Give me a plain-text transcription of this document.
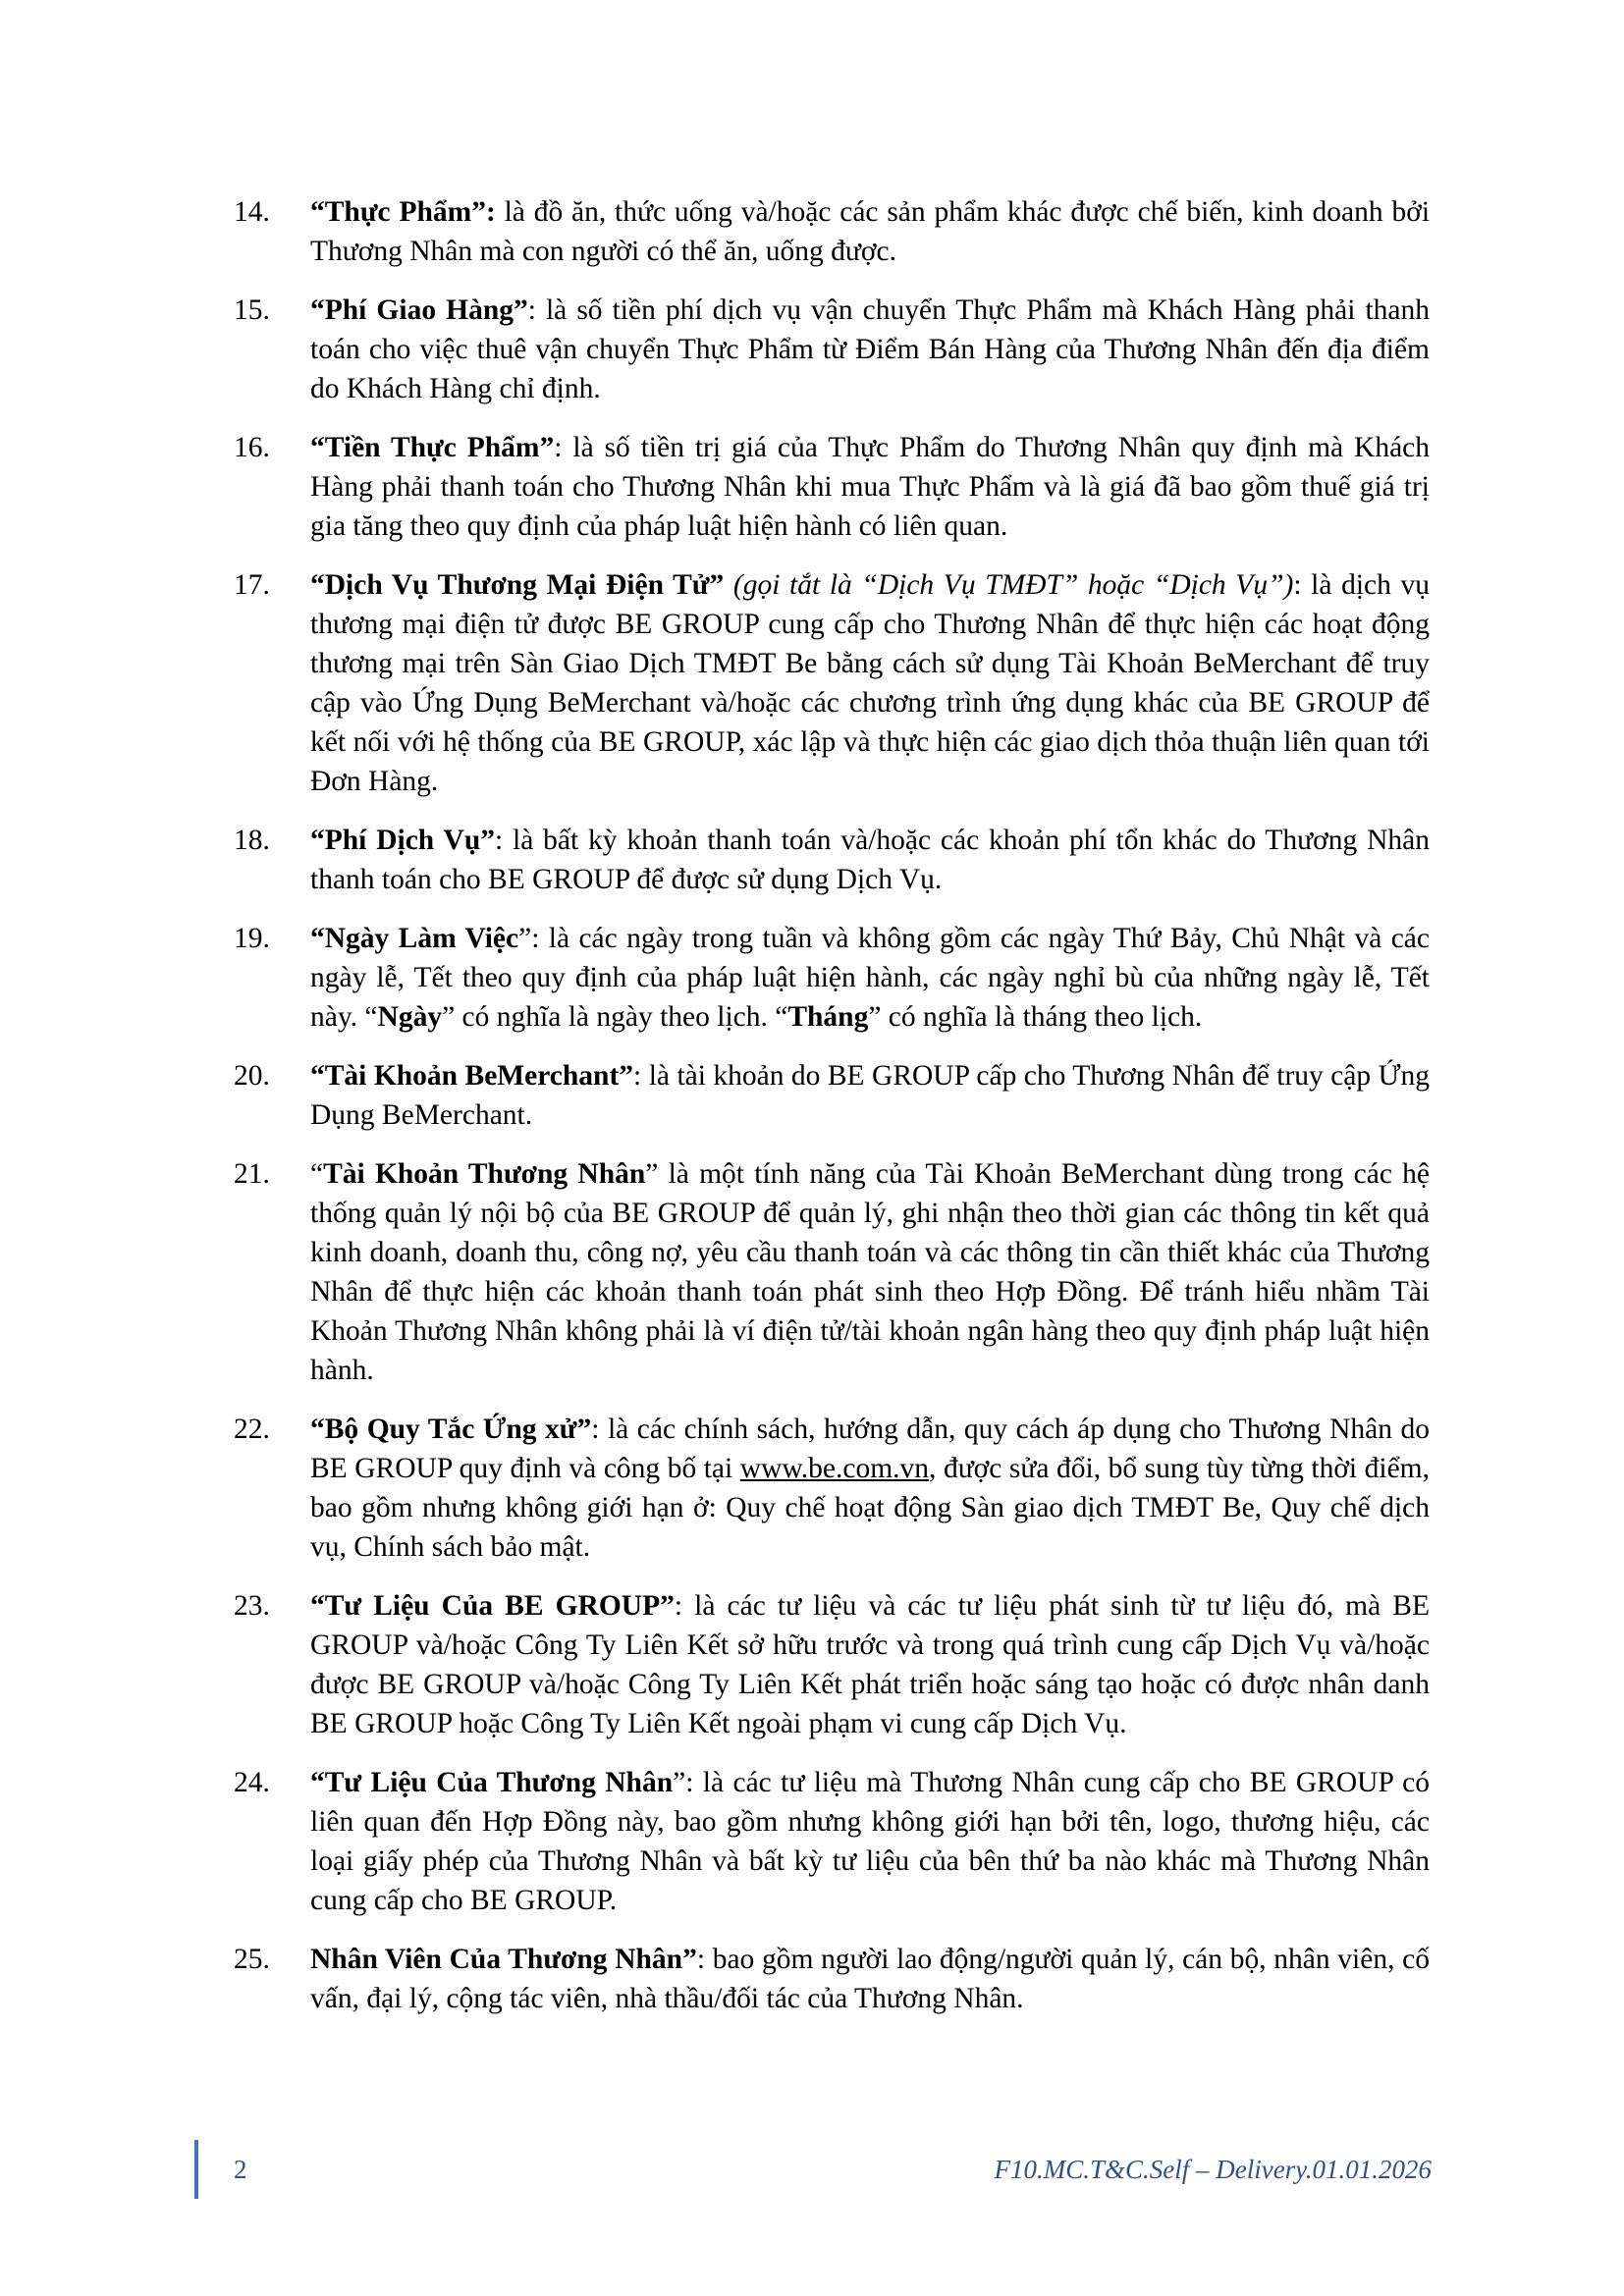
14.	“Thực Phẩm”: là đồ ăn, thức uống và/hoặc các sản phẩm khác được chế biến, kinh doanh bởi Thương Nhân mà con người có thể ăn, uống được.
15.	“Phí Giao Hàng”: là số tiền phí dịch vụ vận chuyển Thực Phẩm mà Khách Hàng phải thanh toán cho việc thuê vận chuyển Thực Phẩm từ Điểm Bán Hàng của Thương Nhân đến địa điểm do Khách Hàng chỉ định.
16.	“Tiền Thực Phẩm”: là số tiền trị giá của Thực Phẩm do Thương Nhân quy định mà Khách Hàng phải thanh toán cho Thương Nhân khi mua Thực Phẩm và là giá đã bao gồm thuế giá trị gia tăng theo quy định của pháp luật hiện hành có liên quan.
17.	“Dịch Vụ Thương Mại Điện Tử” (gọi tắt là “Dịch Vụ TMĐT” hoặc “Dịch Vụ”): là dịch vụ thương mại điện tử được BE GROUP cung cấp cho Thương Nhân để thực hiện các hoạt động thương mại trên Sàn Giao Dịch TMĐT Be bằng cách sử dụng Tài Khoản BeMerchant để truy cập vào Ứng Dụng BeMerchant và/hoặc các chương trình ứng dụng khác của BE GROUP để kết nối với hệ thống của BE GROUP, xác lập và thực hiện các giao dịch thỏa thuận liên quan tới Đơn Hàng.
18.	“Phí Dịch Vụ”: là bất kỳ khoản thanh toán và/hoặc các khoản phí tổn khác do Thương Nhân thanh toán cho BE GROUP để được sử dụng Dịch Vụ.
19.	“Ngày Làm Việc”: là các ngày trong tuần và không gồm các ngày Thứ Bảy, Chủ Nhật và các ngày lễ, Tết theo quy định của pháp luật hiện hành, các ngày nghỉ bù của những ngày lễ, Tết này. “Ngày” có nghĩa là ngày theo lịch. “Tháng” có nghĩa là tháng theo lịch.
20.	“Tài Khoản BeMerchant”: là tài khoản do BE GROUP cấp cho Thương Nhân để truy cập Ứng Dụng BeMerchant.
21.	“Tài Khoản Thương Nhân” là một tính năng của Tài Khoản BeMerchant dùng trong các hệ thống quản lý nội bộ của BE GROUP để quản lý, ghi nhận theo thời gian các thông tin kết quả kinh doanh, doanh thu, công nợ, yêu cầu thanh toán và các thông tin cần thiết khác của Thương Nhân để thực hiện các khoản thanh toán phát sinh theo Hợp Đồng. Để tránh hiểu nhầm Tài Khoản Thương Nhân không phải là ví điện tử/tài khoản ngân hàng theo quy định pháp luật hiện hành.
22.	“Bộ Quy Tắc Ứng xử”: là các chính sách, hướng dẫn, quy cách áp dụng cho Thương Nhân do BE GROUP quy định và công bố tại www.be.com.vn, được sửa đổi, bổ sung tùy từng thời điểm, bao gồm nhưng không giới hạn ở: Quy chế hoạt động Sàn giao dịch TMĐT Be, Quy chế dịch vụ, Chính sách bảo mật.
23.	“Tư Liệu Của BE GROUP”: là các tư liệu và các tư liệu phát sinh từ tư liệu đó, mà BE GROUP và/hoặc Công Ty Liên Kết sở hữu trước và trong quá trình cung cấp Dịch Vụ và/hoặc được BE GROUP và/hoặc Công Ty Liên Kết phát triển hoặc sáng tạo hoặc có được nhân danh BE GROUP hoặc Công Ty Liên Kết ngoài phạm vi cung cấp Dịch Vụ.
24.	“Tư Liệu Của Thương Nhân”: là các tư liệu mà Thương Nhân cung cấp cho BE GROUP có liên quan đến Hợp Đồng này, bao gồm nhưng không giới hạn bởi tên, logo, thương hiệu, các loại giấy phép của Thương Nhân và bất kỳ tư liệu của bên thứ ba nào khác mà Thương Nhân cung cấp cho BE GROUP.
25.	Nhân Viên Của Thương Nhân”: bao gồm người lao động/người quản lý, cán bộ, nhân viên, cố vấn, đại lý, cộng tác viên, nhà thầu/đối tác của Thương Nhân.
2	F10.MC.T&C.Self – Delivery.01.01.2026
